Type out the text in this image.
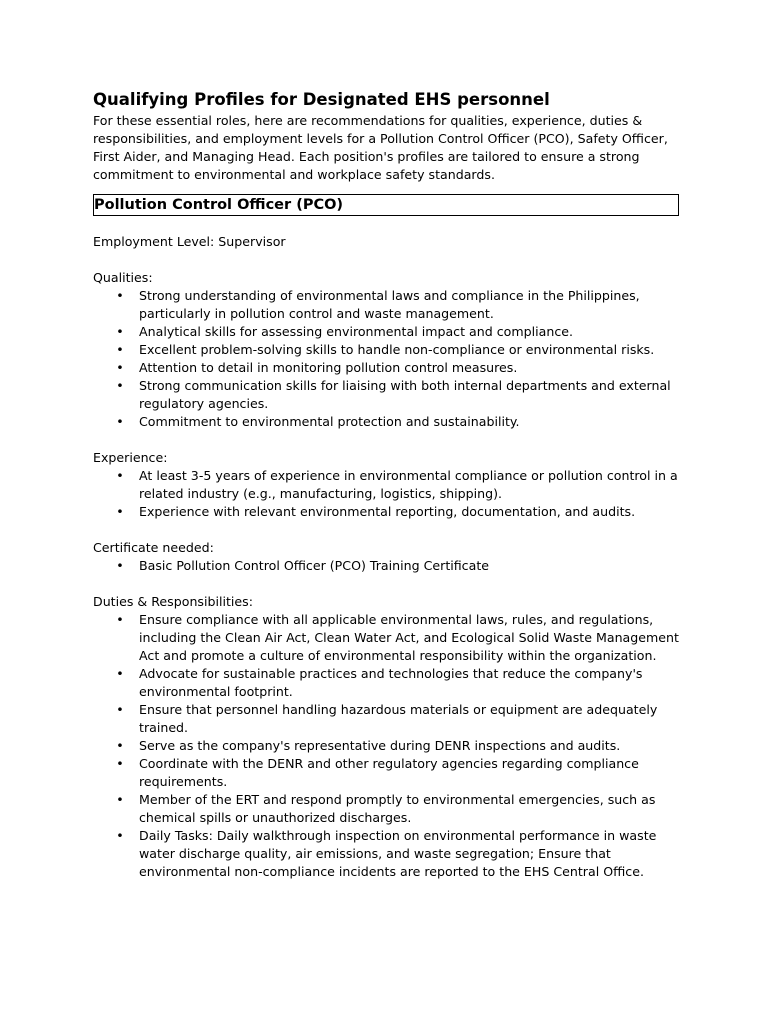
Qualifying Profiles for Designated EHS personnel

For these essential roles, here are recommendations for qualities, experience, duties & responsibilities, and employment levels for a Pollution Control Officer (PCO), Safety Officer, First Aider, and Managing Head. Each position's profiles are tailored to ensure a strong commitment to environmental and workplace safety standards.

Pollution Control Officer (PCO)
Employment Level: Supervisor
Qualities:
• Strong understanding of environmental laws and compliance in the Philippines, particularly in pollution control and waste management.
• Analytical skills for assessing environmental impact and compliance.
• Excellent problem-solving skills to handle non-compliance or environmental risks.
• Attention to detail in monitoring pollution control measures.
• Strong communication skills for liaising with both internal departments and external regulatory agencies.
• Commitment to environmental protection and sustainability.
Experience:
• At least 3-5 years of experience in environmental compliance or pollution control in a related industry (e.g., manufacturing, logistics, shipping).
• Experience with relevant environmental reporting, documentation, and audits.
Certificate needed:
• Basic Pollution Control Officer (PCO) Training Certificate
Duties & Responsibilities:
• Ensure compliance with all applicable environmental laws, rules, and regulations, including the Clean Air Act, Clean Water Act, and Ecological Solid Waste Management Act and promote a culture of environmental responsibility within the organization.
• Advocate for sustainable practices and technologies that reduce the company's environmental footprint.
• Ensure that personnel handling hazardous materials or equipment are adequately trained.
• Serve as the company's representative during DENR inspections and audits.
• Coordinate with the DENR and other regulatory agencies regarding compliance requirements.
• Member of the ERT and respond promptly to environmental emergencies, such as chemical spills or unauthorized discharges.
• Daily Tasks: Daily walkthrough inspection on environmental performance in waste water discharge quality, air emissions, and waste segregation; Ensure that environmental non-compliance incidents are reported to the EHS Central Office.
